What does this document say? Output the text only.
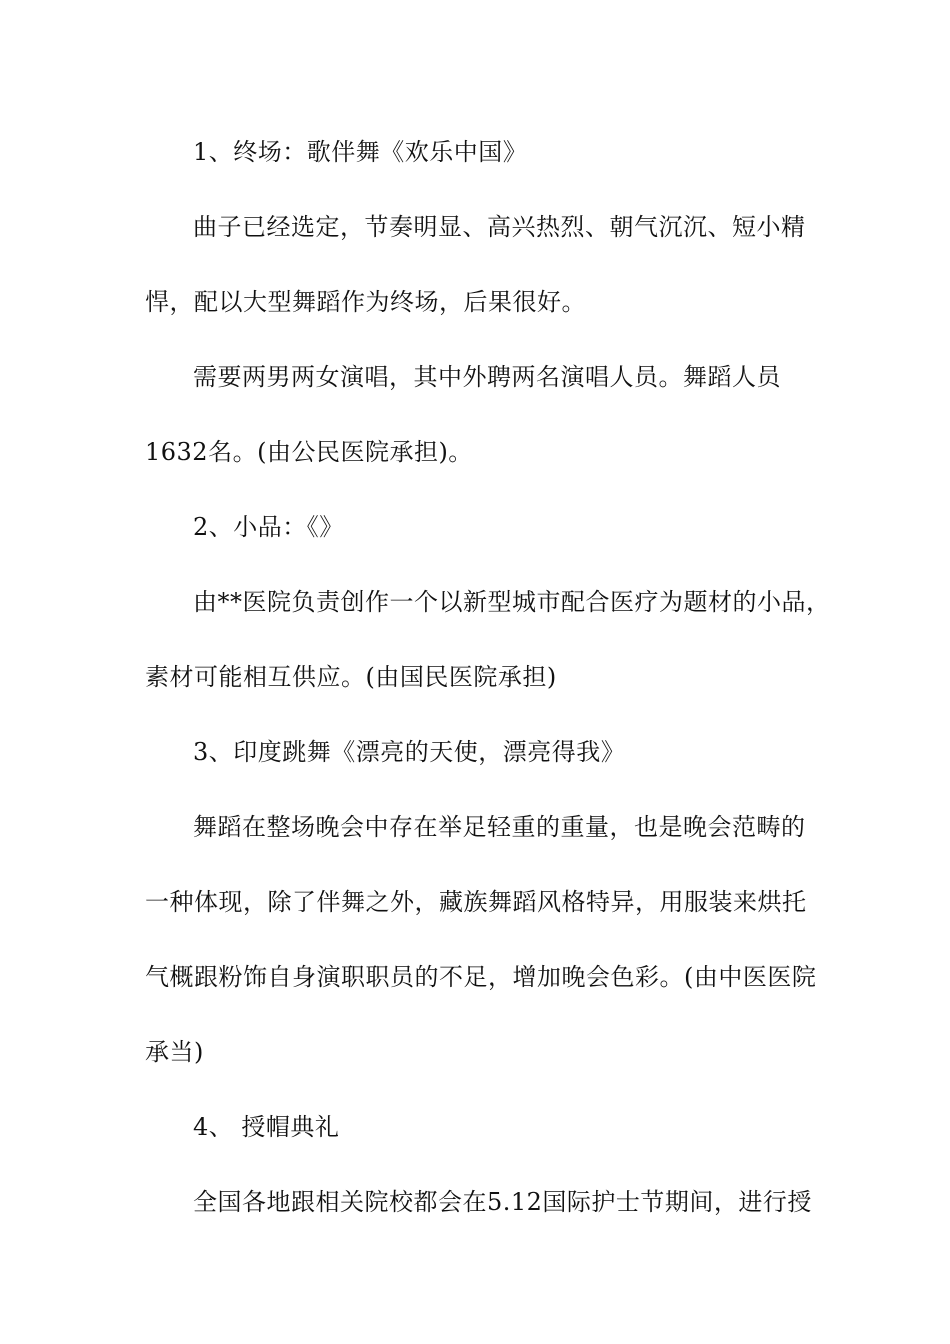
1、终场：歌伴舞《欢乐中国》
曲子已经选定，节奏明显、高兴热烈、朝气沉沉、短小精
悍，配以大型舞蹈作为终场，后果很好。
需要两男两女演唱，其中外聘两名演唱人员。舞蹈人员
1632名。(由公民医院承担)。
2、小品：《》
由**医院负责创作一个以新型城市配合医疗为题材的小品，
素材可能相互供应。(由国民医院承担)
3、印度跳舞《漂亮的天使，漂亮得我》
舞蹈在整场晚会中存在举足轻重的重量，也是晚会范畴的
一种体现，除了伴舞之外，藏族舞蹈风格特异，用服装来烘托
气概跟粉饰自身演职职员的不足，增加晚会色彩。(由中医医院
承当)
4、 授帽典礼
全国各地跟相关院校都会在5.12国际护士节期间，进行授
